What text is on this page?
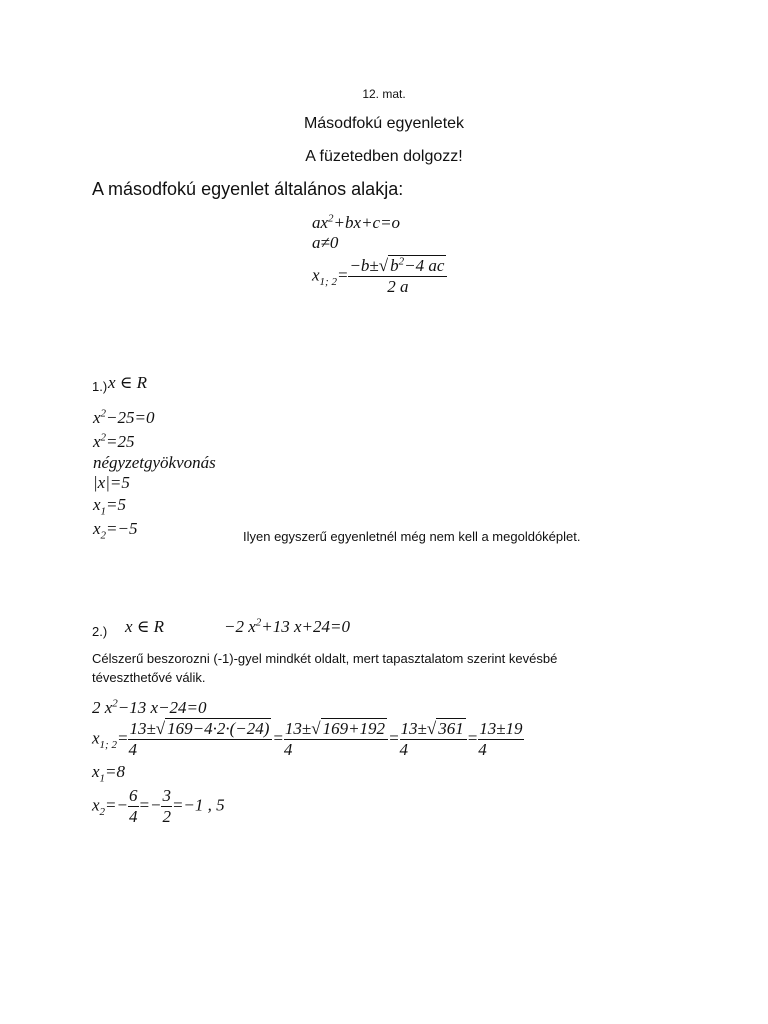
12. mat.
Másodfokú egyenletek
A füzetedben dolgozz!
A másodfokú egyenlet általános alakja:
$ax^2+bx+c=o$
a≠0
$x_{1; 2}= \frac{-b\pm√ b^2-4 ac}{2 a}$
1.) x ∈ R
$x^2-25=0$
$x^2=25$
négyzetgyökvonás
|x|=5
$x_1=5$
$x_2=-5$	Ilyen egyszerű egyenletnél még nem kell a megoldóképlet.
2.) x ∈ R	−2 $x^2+13$ x+24=0
Célszerű beszorozni (-1)-gyel mindkét oldalt, mert tapasztalatom szerint kevésbé
téveszthetővé válik.
2 $x^2-13$ x−24=0
$x_{1; 2}= \frac{13\pm√ 169-4\cdot 2\cdot(-24)}{4} = \frac{13\pm√ 169+192}{4} = \frac{13\pm√ 361}{4} = \frac{13\pm 19}{4}$
$x_1=8$
$x_2=- \frac{6}{4} =- \frac{3}{2} =-1$ , 5
